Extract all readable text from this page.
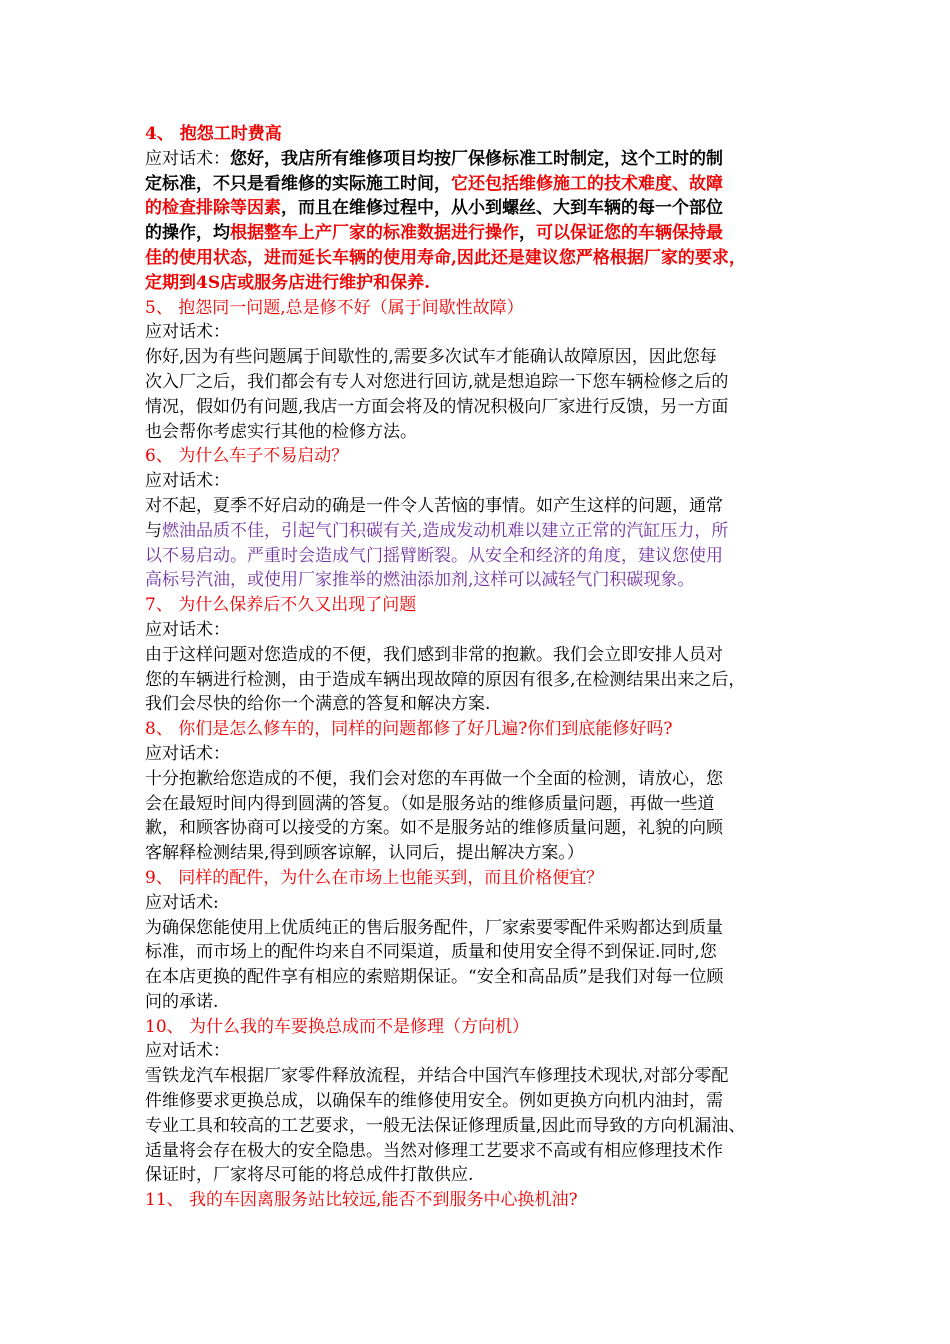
4、 抱怨工时费高
应对话术：您好，我店所有维修项目均按厂保修标准工时制定，这个工时的制
定标准，不只是看维修的实际施工时间，它还包括维修施工的技术难度、故障
的检查排除等因素，而且在维修过程中，从小到螺丝、大到车辆的每一个部位
的操作，均根据整车上产厂家的标准数据进行操作，可以保证您的车辆保持最
佳的使用状态，进而延长车辆的使用寿命,因此还是建议您严格根据厂家的要求，
定期到4S店或服务店进行维护和保养.
5、 抱怨同一问题,总是修不好（属于间歇性故障）
应对话术：
你好,因为有些问题属于间歇性的,需要多次试车才能确认故障原因，因此您每
次入厂之后，我们都会有专人对您进行回访,就是想追踪一下您车辆检修之后的
情况，假如仍有问题,我店一方面会将及的情况积极向厂家进行反馈，另一方面
也会帮你考虑实行其他的检修方法。
6、 为什么车子不易启动？
应对话术：
对不起，夏季不好启动的确是一件令人苦恼的事情。如产生这样的问题，通常
与燃油品质不佳，引起气门积碳有关,造成发动机难以建立正常的汽缸压力，所
以不易启动。严重时会造成气门摇臂断裂。从安全和经济的角度，建议您使用
高标号汽油，或使用厂家推举的燃油添加剂,这样可以减轻气门积碳现象。
7、 为什么保养后不久又出现了问题
应对话术：
由于这样问题对您造成的不便，我们感到非常的抱歉。我们会立即安排人员对
您的车辆进行检测，由于造成车辆出现故障的原因有很多,在检测结果出来之后，
我们会尽快的给你一个满意的答复和解决方案.
8、 你们是怎么修车的，同样的问题都修了好几遍?你们到底能修好吗?
应对话术：
十分抱歉给您造成的不便，我们会对您的车再做一个全面的检测，请放心，您
会在最短时间内得到圆满的答复。（如是服务站的维修质量问题，再做一些道
歉，和顾客协商可以接受的方案。如不是服务站的维修质量问题，礼貌的向顾
客解释检测结果,得到顾客谅解，认同后，提出解决方案。）
9、 同样的配件，为什么在市场上也能买到，而且价格便宜？
应对话术:
为确保您能使用上优质纯正的售后服务配件，厂家索要零配件采购都达到质量
标准，而市场上的配件均来自不同渠道，质量和使用安全得不到保证.同时,您
在本店更换的配件享有相应的索赔期保证。“安全和高品质”是我们对每一位顾
问的承诺.
10、 为什么我的车要换总成而不是修理（方向机）
应对话术：
雪铁龙汽车根据厂家零件释放流程，并结合中国汽车修理技术现状,对部分零配
件维修要求更换总成，以确保车的维修使用安全。例如更换方向机内油封，需
专业工具和较高的工艺要求，一般无法保证修理质量,因此而导致的方向机漏油、
适量将会存在极大的安全隐患。当然对修理工艺要求不高或有相应修理技术作
保证时，厂家将尽可能的将总成件打散供应.
11、 我的车因离服务站比较远,能否不到服务中心换机油?
